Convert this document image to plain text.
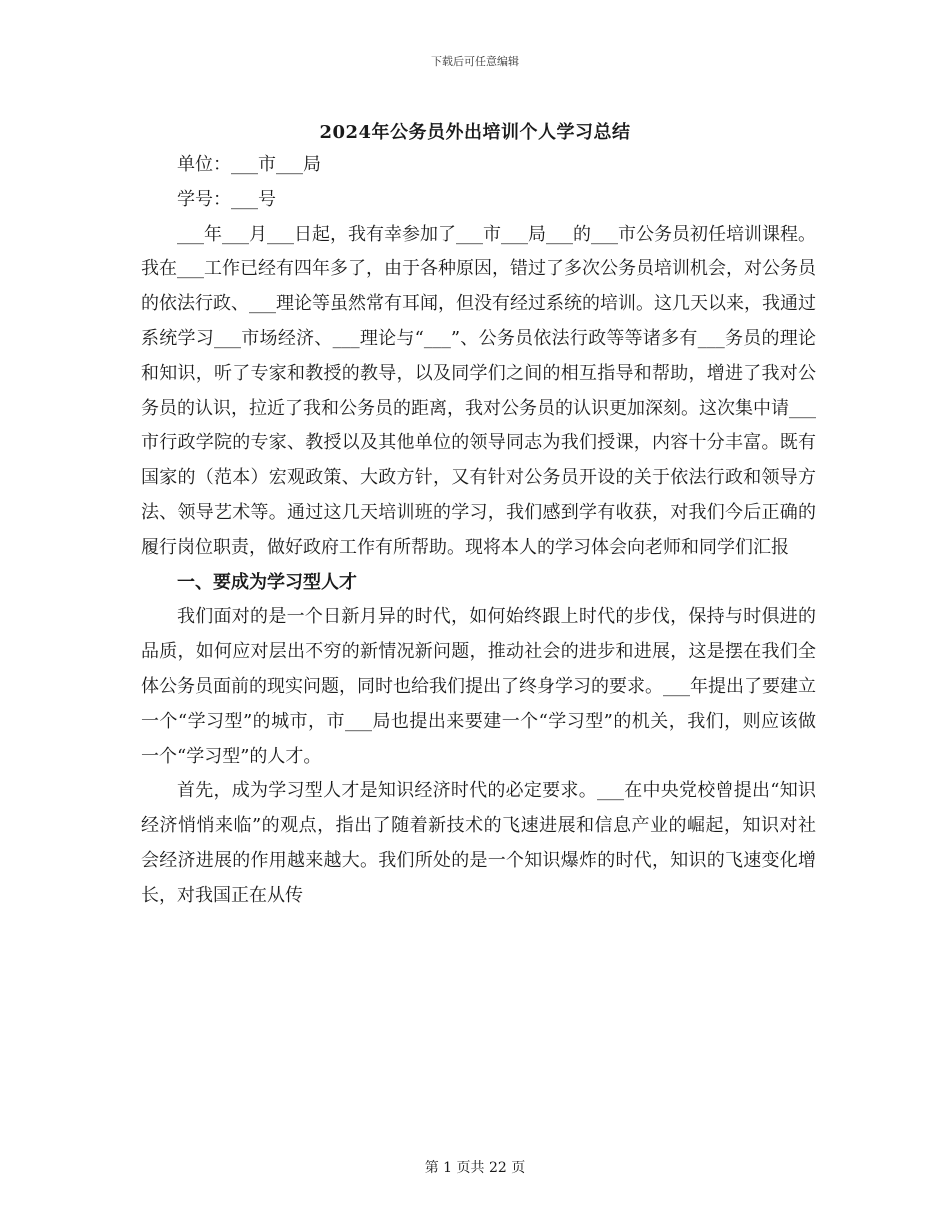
下载后可任意编辑
2024年公务员外出培训个人学习总结

单位：___市___局

学号：___号

___年___月___日起，我有幸参加了___市___局___的___市公务员初任培训课程。我在___工作已经有四年多了，由于各种原因，错过了多次公务员培训机会，对公务员的依法行政、___理论等虽然常有耳闻，但没有经过系统的培训。这几天以来，我通过系统学习___市场经济、___理论与“___”、公务员依法行政等等诸多有___务员的理论和知识，听了专家和教授的教导，以及同学们之间的相互指导和帮助，增进了我对公务员的认识，拉近了我和公务员的距离，我对公务员的认识更加深刻。这次集中请___市行政学院的专家、教授以及其他单位的领导同志为我们授课，内容十分丰富。既有国家的（范本）宏观政策、大政方针，又有针对公务员开设的关于依法行政和领导方法、领导艺术等。通过这几天培训班的学习，我们感到学有收获，对我们今后正确的履行岗位职责，做好政府工作有所帮助。现将本人的学习体会向老师和同学们汇报

一、要成为学习型人才

我们面对的是一个日新月异的时代，如何始终跟上时代的步伐，保持与时俱进的品质，如何应对层出不穷的新情况新问题，推动社会的进步和进展，这是摆在我们全体公务员面前的现实问题，同时也给我们提出了终身学习的要求。___年提出了要建立一个“学习型”的城市，市___局也提出来要建一个“学习型”的机关，我们，则应该做一个“学习型”的人才。

首先，成为学习型人才是知识经济时代的必定要求。___在中央党校曾提出“知识经济悄悄来临”的观点，指出了随着新技术的飞速进展和信息产业的崛起，知识对社会经济进展的作用越来越大。我们所处的是一个知识爆炸的时代，知识的飞速变化增长，对我国正在从传

第 1 页共 22 页
